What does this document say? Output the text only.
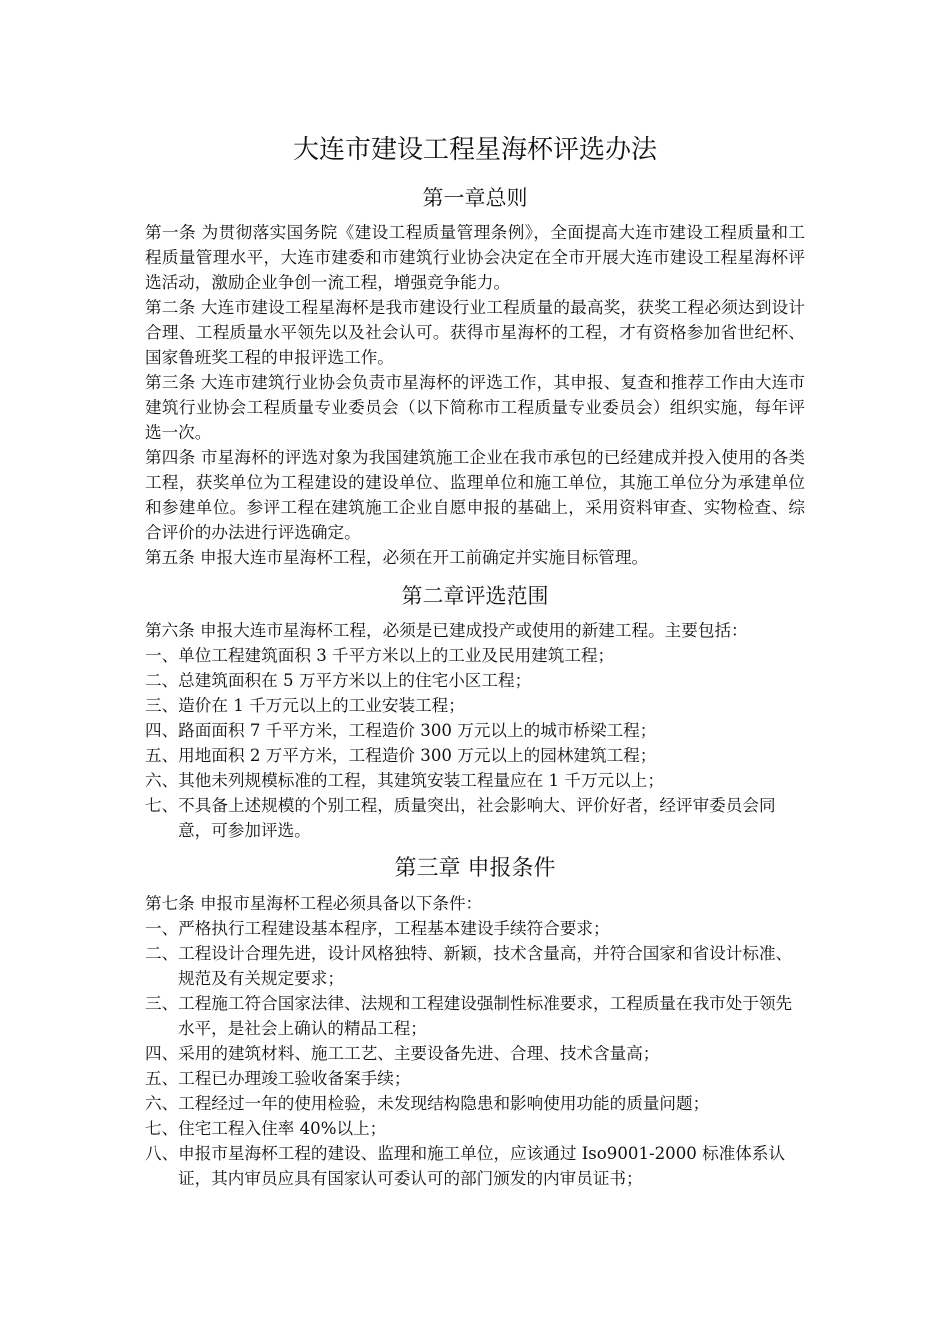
大连市建设工程星海杯评选办法
第一章总则

第一条 为贯彻落实国务院《建设工程质量管理条例》，全面提高大连市建设工程质量和工程质量管理水平，大连市建委和市建筑行业协会决定在全市开展大连市建设工程星海杯评选活动，激励企业争创一流工程，增强竞争能力。

第二条 大连市建设工程星海杯是我市建设行业工程质量的最高奖，获奖工程必须达到设计合理、工程质量水平领先以及社会认可。获得市星海杯的工程，才有资格参加省世纪杯、国家鲁班奖工程的申报评选工作。

第三条 大连市建筑行业协会负责市星海杯的评选工作，其申报、复查和推荐工作由大连市建筑行业协会工程质量专业委员会（以下简称市工程质量专业委员会）组织实施，每年评选一次。

第四条 市星海杯的评选对象为我国建筑施工企业在我市承包的已经建成并投入使用的各类工程，获奖单位为工程建设的建设单位、监理单位和施工单位，其施工单位分为承建单位和参建单位。参评工程在建筑施工企业自愿申报的基础上，采用资料审查、实物检查、综合评价的办法进行评选确定。

第五条 申报大连市星海杯工程，必须在开工前确定并实施目标管理。

第二章评选范围

第六条 申报大连市星海杯工程，必须是已建成投产或使用的新建工程。主要包括：

一、单位工程建筑面积 3 千平方米以上的工业及民用建筑工程；

二、总建筑面积在 5 万平方米以上的住宅小区工程；

三、造价在 1 千万元以上的工业安装工程；

四、路面面积 7 千平方米，工程造价 300 万元以上的城市桥梁工程；

五、用地面积 2 万平方米，工程造价 300 万元以上的园林建筑工程；

六、其他未列规模标准的工程，其建筑安装工程量应在 1 千万元以上；

七、不具备上述规模的个别工程，质量突出，社会影响大、评价好者，经评审委员会同意，可参加评选。

第三章 申报条件

第七条 申报市星海杯工程必须具备以下条件：

一、严格执行工程建设基本程序，工程基本建设手续符合要求；

二、工程设计合理先进，设计风格独特、新颖，技术含量高，并符合国家和省设计标准、规范及有关规定要求；

三、工程施工符合国家法律、法规和工程建设强制性标准要求，工程质量在我市处于领先水平，是社会上确认的精品工程；

四、采用的建筑材料、施工工艺、主要设备先进、合理、技术含量高；

五、工程已办理竣工验收备案手续；

六、工程经过一年的使用检验，未发现结构隐患和影响使用功能的质量问题；

七、住宅工程入住率 40%以上；

八、申报市星海杯工程的建设、监理和施工单位，应该通过 Iso9001-2000 标准体系认证，其内审员应具有国家认可委认可的部门颁发的内审员证书；
